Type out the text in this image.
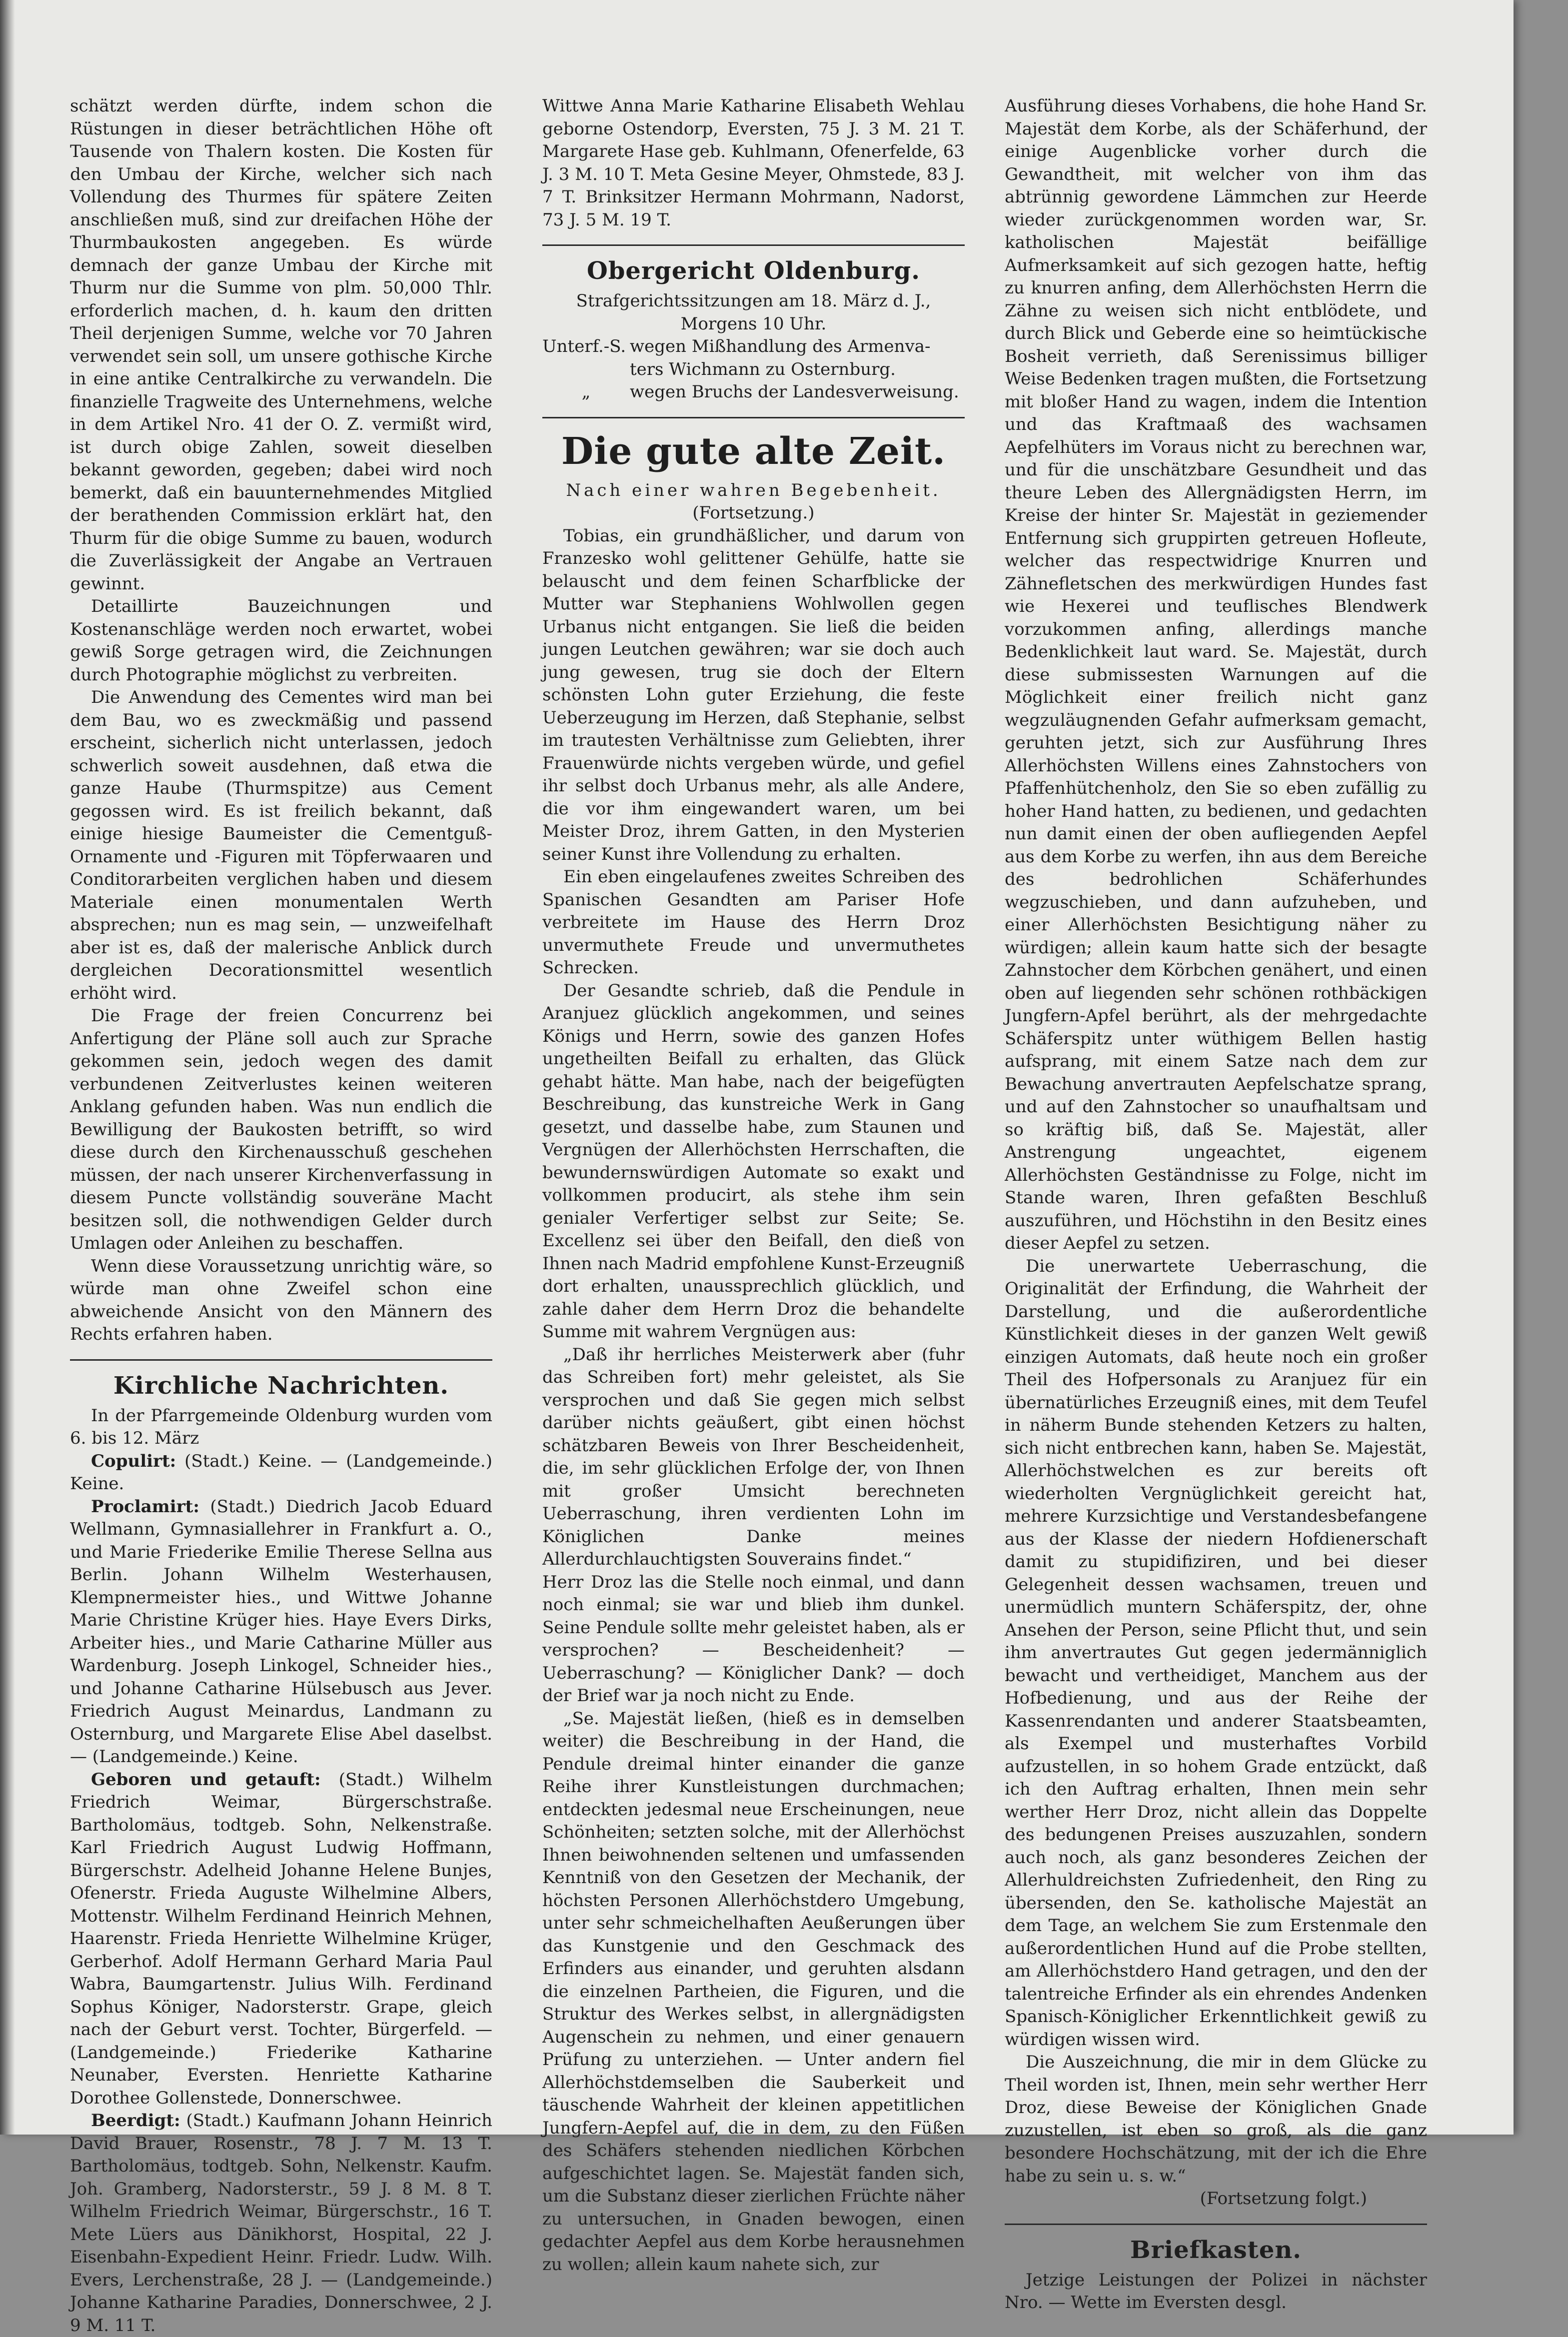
schätzt werden dürfte, indem schon die Rüstungen in dieser beträchtlichen Höhe oft Tausende von Thalern kosten. Die Kosten für den Umbau der Kirche, welcher sich nach Vollendung des Thurmes für spätere Zeiten anschließen muß, sind zur dreifachen Höhe der Thurmbaukosten angegeben. Es würde demnach der ganze Umbau der Kirche mit Thurm nur die Summe von plm. 50,000 Thlr. erforderlich machen, d. h. kaum den dritten Theil derjenigen Summe, welche vor 70 Jahren verwendet sein soll, um unsere gothische Kirche in eine antike Centralkirche zu verwandeln. Die finanzielle Tragweite des Unternehmens, welche in dem Artikel Nro. 41 der O. Z. vermißt wird, ist durch obige Zahlen, soweit dieselben bekannt geworden, gegeben; dabei wird noch bemerkt, daß ein bauunternehmendes Mitglied der berathenden Commission erklärt hat, den Thurm für die obige Summe zu bauen, wodurch die Zuverlässigkeit der Angabe an Vertrauen gewinnt.

Detaillirte Bauzeichnungen und Kostenanschläge werden noch erwartet, wobei gewiß Sorge getragen wird, die Zeichnungen durch Photographie möglichst zu verbreiten.

Die Anwendung des Cementes wird man bei dem Bau, wo es zweckmäßig und passend erscheint, sicherlich nicht unterlassen, jedoch schwerlich soweit ausdehnen, daß etwa die ganze Haube (Thurmspitze) aus Cement gegossen wird. Es ist freilich bekannt, daß einige hiesige Baumeister die Cementguß-Ornamente und -Figuren mit Töpferwaaren und Conditorarbeiten verglichen haben und diesem Materiale einen monumentalen Werth absprechen; nun es mag sein, — unzweifelhaft aber ist es, daß der malerische Anblick durch dergleichen Decorationsmittel wesentlich erhöht wird.

Die Frage der freien Concurrenz bei Anfertigung der Pläne soll auch zur Sprache gekommen sein, jedoch wegen des damit verbundenen Zeitverlustes keinen weiteren Anklang gefunden haben. Was nun endlich die Bewilligung der Baukosten betrifft, so wird diese durch den Kirchenausschuß geschehen müssen, der nach unserer Kirchenverfassung in diesem Puncte vollständig souveräne Macht besitzen soll, die nothwendigen Gelder durch Umlagen oder Anleihen zu beschaffen.

Wenn diese Voraussetzung unrichtig wäre, so würde man ohne Zweifel schon eine abweichende Ansicht von den Männern des Rechts erfahren haben.

Kirchliche Nachrichten.

In der Pfarrgemeinde Oldenburg wurden vom 6. bis 12. März

Copulirt: (Stadt.) Keine. — (Landgemeinde.) Keine.

Proclamirt: (Stadt.) Diedrich Jacob Eduard Wellmann, Gymnasiallehrer in Frankfurt a. O., und Marie Friederike Emilie Therese Sellna aus Berlin. Johann Wilhelm Westerhausen, Klempnermeister hies., und Wittwe Johanne Marie Christine Krüger hies. Haye Evers Dirks, Arbeiter hies., und Marie Catharine Müller aus Wardenburg. Joseph Linkogel, Schneider hies., und Johanne Catharine Hülsebusch aus Jever. Friedrich August Meinardus, Landmann zu Osternburg, und Margarete Elise Abel daselbst. — (Landgemeinde.) Keine.

Geboren und getauft: (Stadt.) Wilhelm Friedrich Weimar, Bürgerschstraße. Bartholomäus, todtgeb. Sohn, Nelkenstraße. Karl Friedrich August Ludwig Hoffmann, Bürgerschstr. Adelheid Johanne Helene Bunjes, Ofenerstr. Frieda Auguste Wilhelmine Albers, Mottenstr. Wilhelm Ferdinand Heinrich Mehnen, Haarenstr. Frieda Henriette Wilhelmine Krüger, Gerberhof. Adolf Hermann Gerhard Maria Paul Wabra, Baumgartenstr. Julius Wilh. Ferdinand Sophus Königer, Nadorsterstr. Grape, gleich nach der Geburt verst. Tochter, Bürgerfeld. — (Landgemeinde.) Friederike Katharine Neunaber, Eversten. Henriette Katharine Dorothee Gollenstede, Donnerschwee.

Beerdigt: (Stadt.) Kaufmann Johann Heinrich David Brauer, Rosenstr., 78 J. 7 M. 13 T. Bartholomäus, todtgeb. Sohn, Nelkenstr. Kaufm. Joh. Gramberg, Nadorsterstr., 59 J. 8 M. 8 T. Wilhelm Friedrich Weimar, Bürgerschstr., 16 T. Mete Lüers aus Dänikhorst, Hospital, 22 J. Eisenbahn-Expedient Heinr. Friedr. Ludw. Wilh. Evers, Lerchenstraße, 28 J. — (Landgemeinde.) Johanne Katharine Paradies, Donnerschwee, 2 J. 9 M. 11 T.

Wittwe Anna Marie Katharine Elisabeth Wehlau geborne Ostendorp, Eversten, 75 J. 3 M. 21 T. Margarete Hase geb. Kuhlmann, Ofenerfelde, 63 J. 3 M. 10 T. Meta Gesine Meyer, Ohmstede, 83 J. 7 T. Brinksitzer Hermann Mohrmann, Nadorst, 73 J. 5 M. 19 T.

Obergericht Oldenburg.
Strafgerichtssitzungen am 18. März d. J.,
Morgens 10 Uhr.
Unterf.-S. wegen Mißhandlung des Armenva-
ters Wichmann zu Osternburg.
„	wegen Bruchs der Landesverweisung.
Die gute alte Zeit.
Nach einer wahren Begebenheit.
(Fortsetzung.)

Tobias, ein grundhäßlicher, und darum von Franzesko wohl gelittener Gehülfe, hatte sie belauscht und dem feinen Scharfblicke der Mutter war Stephaniens Wohlwollen gegen Urbanus nicht entgangen. Sie ließ die beiden jungen Leutchen gewähren; war sie doch auch jung gewesen, trug sie doch der Eltern schönsten Lohn guter Erziehung, die feste Ueberzeugung im Herzen, daß Stephanie, selbst im trautesten Verhältnisse zum Geliebten, ihrer Frauenwürde nichts vergeben würde, und gefiel ihr selbst doch Urbanus mehr, als alle Andere, die vor ihm eingewandert waren, um bei Meister Droz, ihrem Gatten, in den Mysterien seiner Kunst ihre Vollendung zu erhalten.

Ein eben eingelaufenes zweites Schreiben des Spanischen Gesandten am Pariser Hofe verbreitete im Hause des Herrn Droz unvermuthete Freude und unvermuthetes Schrecken.

Der Gesandte schrieb, daß die Pendule in Aranjuez glücklich angekommen, und seines Königs und Herrn, sowie des ganzen Hofes ungetheilten Beifall zu erhalten, das Glück gehabt hätte. Man habe, nach der beigefügten Beschreibung, das kunstreiche Werk in Gang gesetzt, und dasselbe habe, zum Staunen und Vergnügen der Allerhöchsten Herrschaften, die bewundernswürdigen Automate so exakt und vollkommen producirt, als stehe ihm sein genialer Verfertiger selbst zur Seite; Se. Excellenz sei über den Beifall, den dieß von Ihnen nach Madrid empfohlene Kunst-Erzeugniß dort erhalten, unaussprechlich glücklich, und zahle daher dem Herrn Droz die behandelte Summe mit wahrem Vergnügen aus:

„Daß ihr herrliches Meisterwerk aber (fuhr das Schreiben fort) mehr geleistet, als Sie versprochen und daß Sie gegen mich selbst darüber nichts geäußert, gibt einen höchst schätzbaren Beweis von Ihrer Bescheidenheit, die, im sehr glücklichen Erfolge der, von Ihnen mit großer Umsicht berechneten Ueberraschung, ihren verdienten Lohn im Königlichen Danke meines Allerdurchlauchtigsten Souverains findet.“

Herr Droz las die Stelle noch einmal, und dann noch einmal; sie war und blieb ihm dunkel. Seine Pendule sollte mehr geleistet haben, als er versprochen? — Bescheidenheit? — Ueberraschung? — Königlicher Dank? — doch der Brief war ja noch nicht zu Ende.

„Se. Majestät ließen, (hieß es in demselben weiter) die Beschreibung in der Hand, die Pendule dreimal hinter einander die ganze Reihe ihrer Kunstleistungen durchmachen; entdeckten jedesmal neue Erscheinungen, neue Schönheiten; setzten solche, mit der Allerhöchst Ihnen beiwohnenden seltenen und umfassenden Kenntniß von den Gesetzen der Mechanik, der höchsten Personen Allerhöchstdero Umgebung, unter sehr schmeichelhaften Aeußerungen über das Kunstgenie und den Geschmack des Erfinders aus einander, und geruhten alsdann die einzelnen Partheien, die Figuren, und die Struktur des Werkes selbst, in allergnädigsten Augenschein zu nehmen, und einer genauern Prüfung zu unterziehen. — Unter andern fiel Allerhöchstdemselben die Sauberkeit und täuschende Wahrheit der kleinen appetitlichen Jungfern-Aepfel auf, die in dem, zu den Füßen des Schäfers stehenden niedlichen Körbchen aufgeschichtet lagen. Se. Majestät fanden sich, um die Substanz dieser zierlichen Früchte näher zu untersuchen, in Gnaden bewogen, einen gedachter Aepfel aus dem Korbe herausnehmen zu wollen; allein kaum nahete sich, zur

Ausführung dieses Vorhabens, die hohe Hand Sr. Majestät dem Korbe, als der Schäferhund, der einige Augenblicke vorher durch die Gewandtheit, mit welcher von ihm das abtrünnig gewordene Lämmchen zur Heerde wieder zurückgenommen worden war, Sr. katholischen Majestät beifällige Aufmerksamkeit auf sich gezogen hatte, heftig zu knurren anfing, dem Allerhöchsten Herrn die Zähne zu weisen sich nicht entblödete, und durch Blick und Geberde eine so heimtückische Bosheit verrieth, daß Serenissimus billiger Weise Bedenken tragen mußten, die Fortsetzung mit bloßer Hand zu wagen, indem die Intention und das Kraftmaaß des wachsamen Aepfelhüters im Voraus nicht zu berechnen war, und für die unschätzbare Gesundheit und das theure Leben des Allergnädigsten Herrn, im Kreise der hinter Sr. Majestät in geziemender Entfernung sich gruppirten getreuen Hofleute, welcher das respectwidrige Knurren und Zähnefletschen des merkwürdigen Hundes fast wie Hexerei und teuflisches Blendwerk vorzukommen anfing, allerdings manche Bedenklichkeit laut ward. Se. Majestät, durch diese submissesten Warnungen auf die Möglichkeit einer freilich nicht ganz wegzuläugnenden Gefahr aufmerksam gemacht, geruhten jetzt, sich zur Ausführung Ihres Allerhöchsten Willens eines Zahnstochers von Pfaffenhütchenholz, den Sie so eben zufällig zu hoher Hand hatten, zu bedienen, und gedachten nun damit einen der oben aufliegenden Aepfel aus dem Korbe zu werfen, ihn aus dem Bereiche des bedrohlichen Schäferhundes wegzuschieben, und dann aufzuheben, und einer Allerhöchsten Besichtigung näher zu würdigen; allein kaum hatte sich der besagte Zahnstocher dem Körbchen genähert, und einen oben auf liegenden sehr schönen rothbäckigen Jungfern-Apfel berührt, als der mehrgedachte Schäferspitz unter wüthigem Bellen hastig aufsprang, mit einem Satze nach dem zur Bewachung anvertrauten Aepfelschatze sprang, und auf den Zahnstocher so unaufhaltsam und so kräftig biß, daß Se. Majestät, aller Anstrengung ungeachtet, eigenem Allerhöchsten Geständnisse zu Folge, nicht im Stande waren, Ihren gefaßten Beschluß auszuführen, und Höchstihn in den Besitz eines dieser Aepfel zu setzen.

Die unerwartete Ueberraschung, die Originalität der Erfindung, die Wahrheit der Darstellung, und die außerordentliche Künstlichkeit dieses in der ganzen Welt gewiß einzigen Automats, daß heute noch ein großer Theil des Hofpersonals zu Aranjuez für ein übernatürliches Erzeugniß eines, mit dem Teufel in näherm Bunde stehenden Ketzers zu halten, sich nicht entbrechen kann, haben Se. Majestät, Allerhöchstwelchen es zur bereits oft wiederholten Vergnüglichkeit gereicht hat, mehrere Kurzsichtige und Verstandesbefangene aus der Klasse der niedern Hofdienerschaft damit zu stupidifiziren, und bei dieser Gelegenheit dessen wachsamen, treuen und unermüdlich muntern Schäferspitz, der, ohne Ansehen der Person, seine Pflicht thut, und sein ihm anvertrautes Gut gegen jedermänniglich bewacht und vertheidiget, Manchem aus der Hofbedienung, und aus der Reihe der Kassenrendanten und anderer Staatsbeamten, als Exempel und musterhaftes Vorbild aufzustellen, in so hohem Grade entzückt, daß ich den Auftrag erhalten, Ihnen mein sehr werther Herr Droz, nicht allein das Doppelte des bedungenen Preises auszuzahlen, sondern auch noch, als ganz besonderes Zeichen der Allerhuldreichsten Zufriedenheit, den Ring zu übersenden, den Se. katholische Majestät an dem Tage, an welchem Sie zum Erstenmale den außerordentlichen Hund auf die Probe stellten, am Allerhöchstdero Hand getragen, und den der talentreiche Erfinder als ein ehrendes Andenken Spanisch-Königlicher Erkenntlichkeit gewiß zu würdigen wissen wird.

Die Auszeichnung, die mir in dem Glücke zu Theil worden ist, Ihnen, mein sehr werther Herr Droz, diese Beweise der Königlichen Gnade zuzustellen, ist eben so groß, als die ganz besondere Hochschätzung, mit der ich die Ehre habe zu sein u. s. w.“

(Fortsetzung folgt.)
Briefkasten.

Jetzige Leistungen der Polizei in nächster Nro. — Wette im Eversten desgl.
